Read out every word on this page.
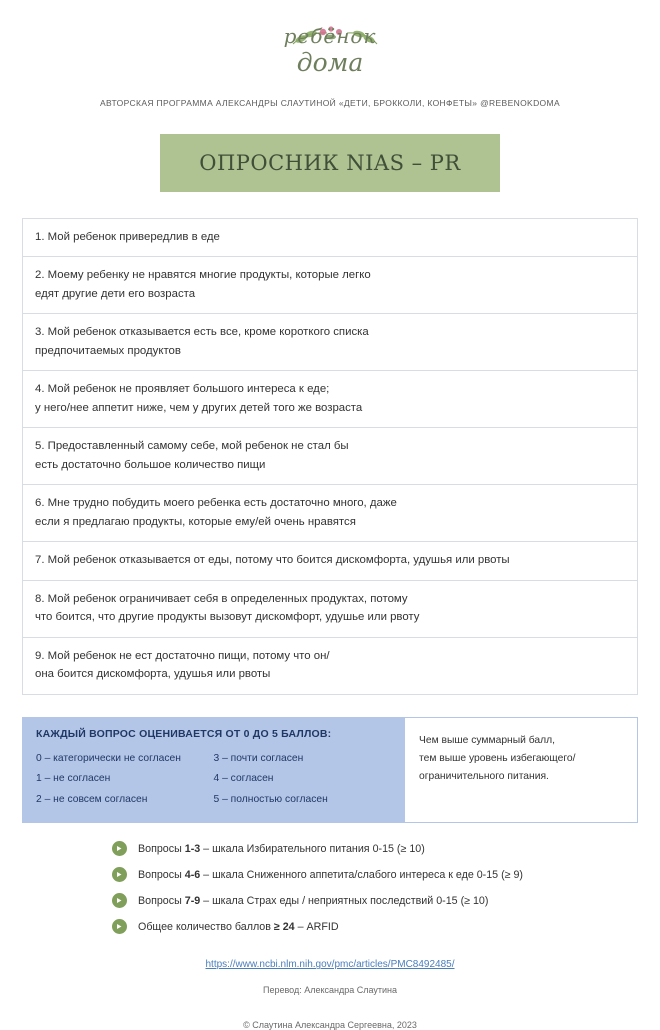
ребёнок
дома
АВТОРСКАЯ ПРОГРАММА АЛЕКСАНДРЫ СЛАУТИНОЙ «ДЕТИ, БРОККОЛИ, КОНФЕТЫ» @REBENOKDOMA
ОПРОСНИК NIAS – PR
1. Мой ребенок привередлив в еде
2. Моему ребенку не нравятся многие продукты, которые легко
едят другие дети его возраста
3. Мой ребенок отказывается есть все, кроме короткого списка
предпочитаемых продуктов
4. Мой ребенок не проявляет большого интереса к еде;
у него/нее аппетит ниже, чем у других детей того же возраста
5. Предоставленный самому себе, мой ребенок не стал бы
есть достаточно большое количество пищи
6. Мне трудно побудить моего ребенка есть достаточно много, даже
если я предлагаю продукты, которые ему/ей очень нравятся
7. Мой ребенок отказывается от еды, потому что боится дискомфорта, удушья или рвоты
8. Мой ребенок ограничивает себя в определенных продуктах, потому
что боится, что другие продукты вызовут дискомфорт, удушье или рвоту
9. Мой ребенок не ест достаточно пищи, потому что он/
она боится дискомфорта, удушья или рвоты
КАЖДЫЙ ВОПРОС ОЦЕНИВАЕТСЯ ОТ 0 ДО 5 БАЛЛОВ:
0 – категорически не согласен
1 – не согласен
2 – не совсем согласен
3 – почти согласен
4 – согласен
5 – полностью согласен
Чем выше суммарный балл,
тем выше уровень избегающего/
ограничительного питания.
Вопросы 1-3 – шкала Избирательного питания 0-15 (≥ 10)
Вопросы 4-6 – шкала Сниженного аппетита/слабого интереса к еде 0-15 (≥ 9)
Вопросы 7-9 – шкала Страх еды / неприятных последствий 0-15 (≥ 10)
Общее количество баллов ≥ 24 – ARFID
https://www.ncbi.nlm.nih.gov/pmc/articles/PMC8492485/
Перевод: Александра Слаутина
© Слаутина Александра Сергеевна, 2023
